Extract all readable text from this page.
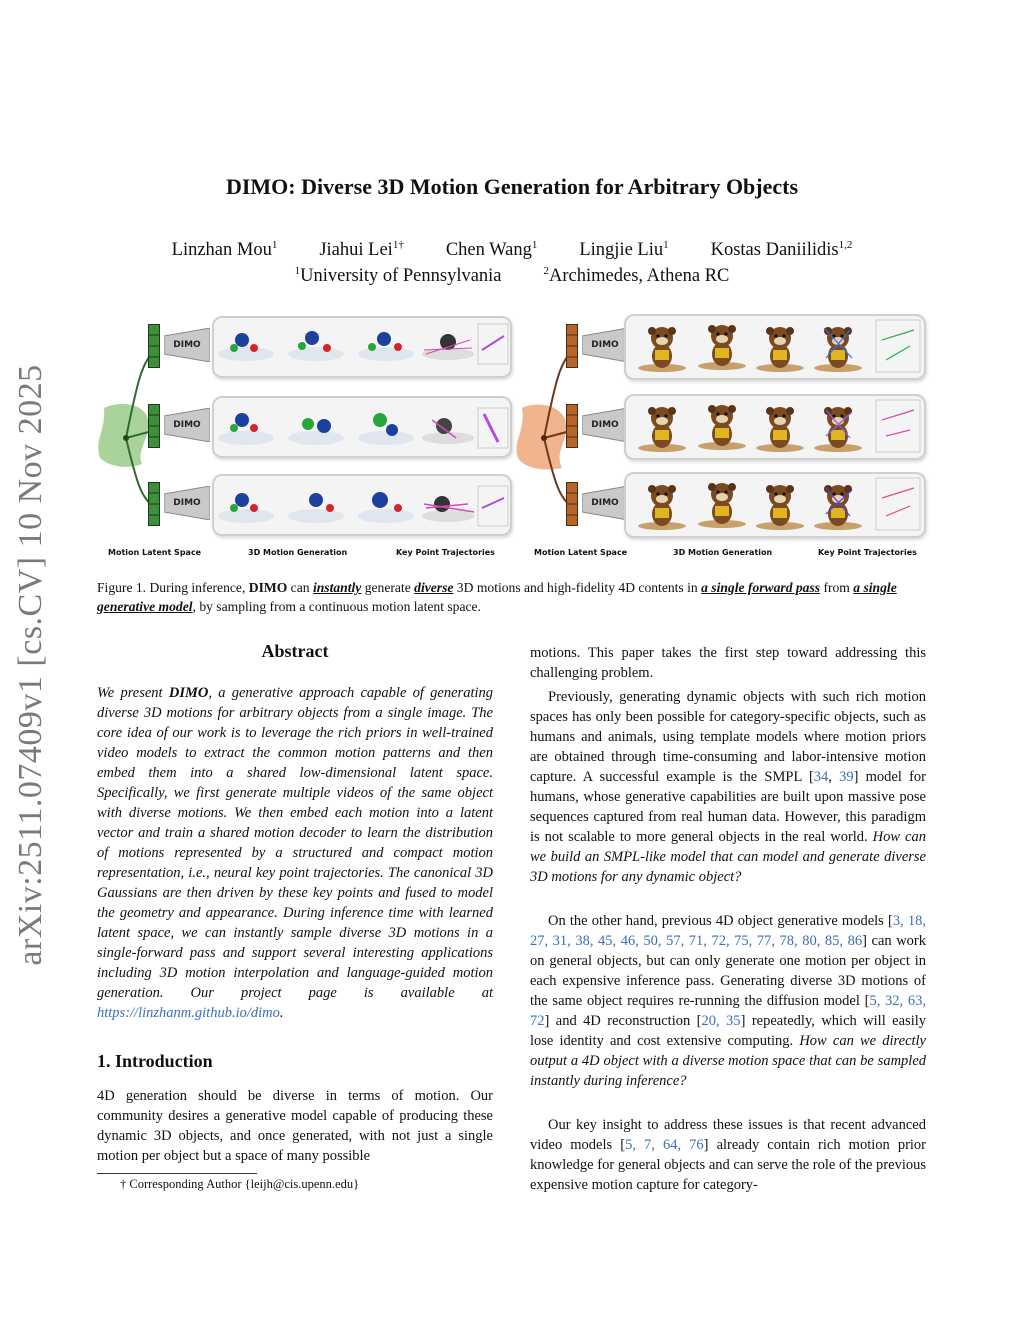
arXiv:2511.07409v1 [cs.CV] 10 Nov 2025
DIMO: Diverse 3D Motion Generation for Arbitrary Objects
Linzhan Mou$^1$ Jiahui Lei$^{1\dagger}$ Chen Wang$^1$ Lingjie Liu$^1$ Kostas Daniilidis$^{1,2}$
$^1$University of Pennsylvania	$^2$Archimedes, Athena RC
DIMO
DIMO
DIMO
DIMO
DIMO
DIMO
Motion Latent Space	3D Motion Generation	Key Point Trajectories	Motion Latent Space	3D Motion Generation	Key Point Trajectories
Figure 1. During inference, DIMO can instantly generate diverse 3D motions and high-fidelity 4D contents in a single forward pass from a single generative model, by sampling from a continuous motion latent space.
Abstract
We present DIMO, a generative approach capable of generating diverse 3D motions for arbitrary objects from a single image. The core idea of our work is to leverage the rich priors in well-trained video models to extract the common motion patterns and then embed them into a shared low-dimensional latent space. Specifically, we first generate multiple videos of the same object with diverse motions. We then embed each motion into a latent vector and train a shared motion decoder to learn the distribution of motions represented by a structured and compact motion representation, i.e., neural key point trajectories. The canonical 3D Gaussians are then driven by these key points and fused to model the geometry and appearance. During inference time with learned latent space, we can instantly sample diverse 3D motions in a single-forward pass and support several interesting applications including 3D motion interpolation and language-guided motion generation. Our project page is available at https://linzhanm.github.io/dimo.
1. Introduction
4D generation should be diverse in terms of motion. Our community desires a generative model capable of producing these dynamic 3D objects, and once generated, with not just a single motion per object but a space of many possible
† Corresponding Author {leijh@cis.upenn.edu}
motions. This paper takes the first step toward addressing this challenging problem.
Previously, generating dynamic objects with such rich motion spaces has only been possible for category-specific objects, such as humans and animals, using template models where motion priors are obtained through time-consuming and labor-intensive motion capture. A successful example is the SMPL [34, 39] model for humans, whose generative capabilities are built upon massive pose sequences captured from real human data. However, this paradigm is not scalable to more general objects in the real world. How can we build an SMPL-like model that can model and generate diverse 3D motions for any dynamic object?
On the other hand, previous 4D object generative models [3, 18, 27, 31, 38, 45, 46, 50, 57, 71, 72, 75, 77, 78, 80, 85, 86] can work on general objects, but can only generate one motion per object in each expensive inference pass. Generating diverse 3D motions of the same object requires re-running the diffusion model [5, 32, 63, 72] and 4D reconstruction [20, 35] repeatedly, which will easily lose identity and cost extensive computing. How can we directly output a 4D object with a diverse motion space that can be sampled instantly during inference?
Our key insight to address these issues is that recent advanced video models [5, 7, 64, 76] already contain rich motion prior knowledge for general objects and can serve the role of the previous expensive motion capture for category-
